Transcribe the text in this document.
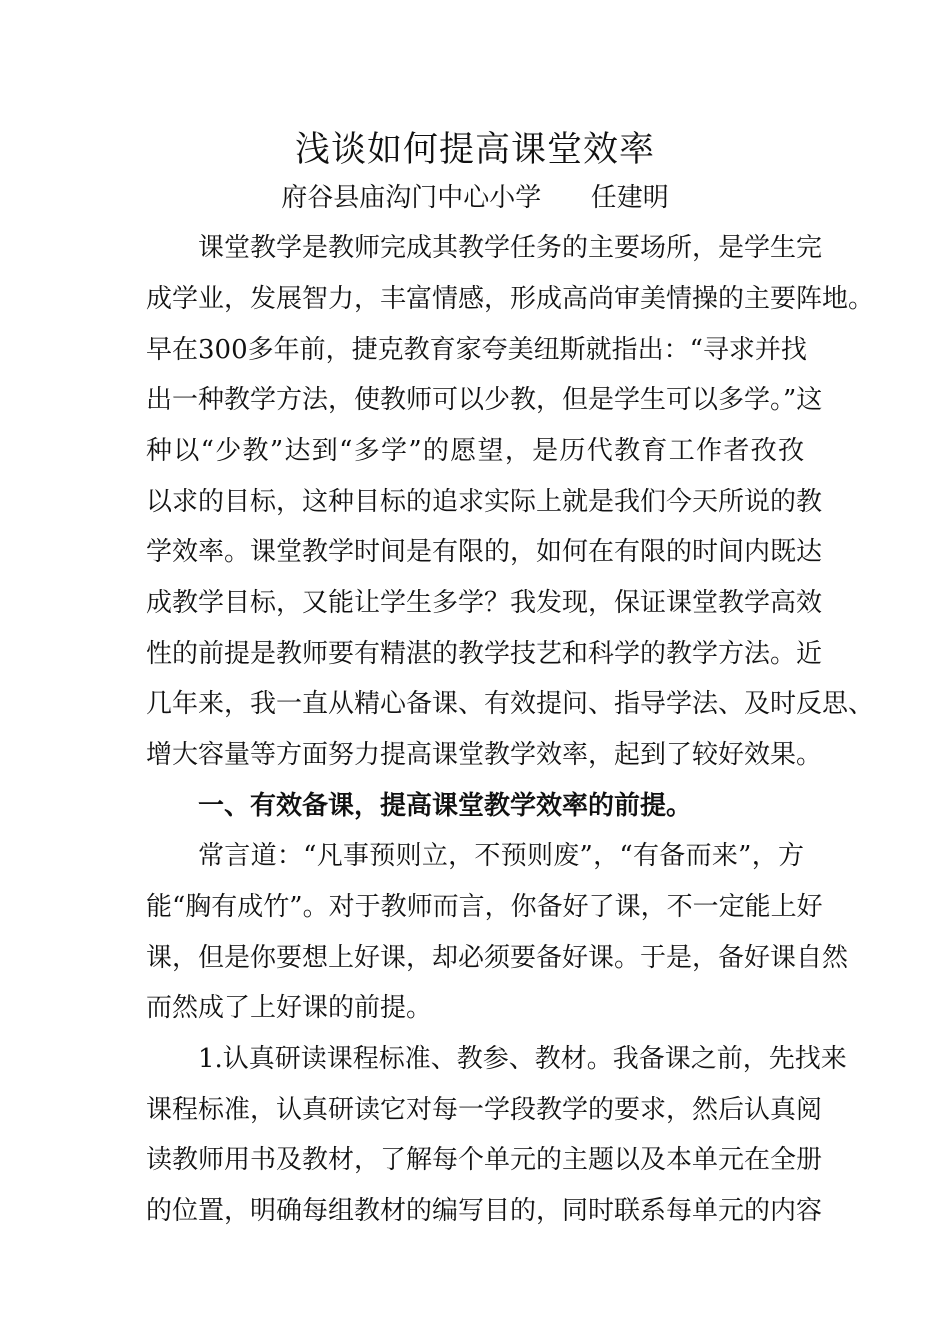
浅谈如何提高课堂效率
府谷县庙沟门中心小学      任建明
课堂教学是教师完成其教学任务的主要场所，是学生完
成学业，发展智力，丰富情感，形成高尚审美情操的主要阵地。
早在300多年前，捷克教育家夸美纽斯就指出：“寻求并找
出一种教学方法，使教师可以少教，但是学生可以多学。”这
种以“少教”达到“多学”的愿望，是历代教育工作者孜孜
以求的目标，这种目标的追求实际上就是我们今天所说的教
学效率。课堂教学时间是有限的，如何在有限的时间内既达
成教学目标，又能让学生多学？我发现，保证课堂教学高效
性的前提是教师要有精湛的教学技艺和科学的教学方法。近
几年来，我一直从精心备课、有效提问、指导学法、及时反思、
增大容量等方面努力提高课堂教学效率，起到了较好效果。
一、有效备课，提高课堂教学效率的前提。
常言道：“凡事预则立，不预则废”，“有备而来”，方
能“胸有成竹”。对于教师而言，你备好了课，不一定能上好
课，但是你要想上好课，却必须要备好课。于是，备好课自然
而然成了上好课的前提。
1.认真研读课程标准、教参、教材。我备课之前，先找来
课程标准，认真研读它对每一学段教学的要求，然后认真阅
读教师用书及教材，了解每个单元的主题以及本单元在全册
的位置，明确每组教材的编写目的，同时联系每单元的内容
